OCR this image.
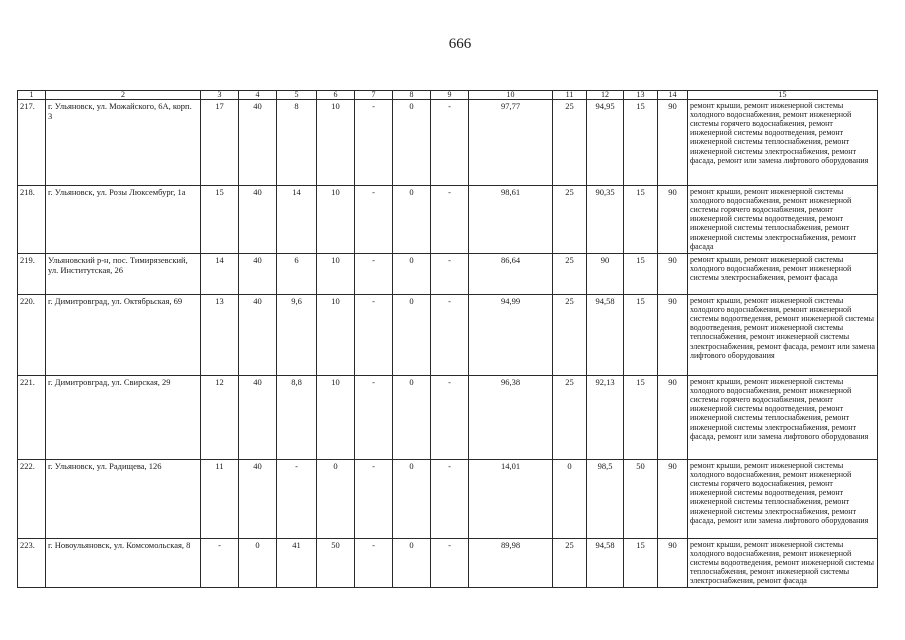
666
1	2	3	4	5	6	7	8	9	10	11	12	13	14	15
217.	г. Ульяновск, ул. Можайского, 6А, корп. 3	17	40	8	10	-	0	-	97,77	25	94,95	15	90	ремонт крыши, ремонт инженерной системы холодного водоснабжения, ремонт инженерной системы горячего водоснабжения, ремонт инженерной системы водоотведения, ремонт инженерной системы теплоснабжения, ремонт инженерной системы электроснабжения, ремонт фасада, ремонт или замена лифтового оборудования
218.	г. Ульяновск, ул. Розы Люксембург, 1а	15	40	14	10	-	0	-	98,61	25	90,35	15	90	ремонт крыши, ремонт инженерной системы холодного водоснабжения, ремонт инженерной системы горячего водоснабжения, ремонт инженерной системы водоотведения, ремонт инженерной системы теплоснабжения, ремонт инженерной системы электроснабжения, ремонт фасада
219.	Ульяновский р-н, пос. Тимирязевский, ул. Институтская, 26	14	40	6	10	-	0	-	86,64	25	90	15	90	ремонт крыши, ремонт инженерной системы холодного водоснабжения, ремонт инженерной системы электроснабжения, ремонт фасада
220.	г. Димитровград, ул. Октябрьская, 69	13	40	9,6	10	-	0	-	94,99	25	94,58	15	90	ремонт крыши, ремонт инженерной системы холодного водоснабжения, ремонт инженерной системы водоотведения, ремонт инженерной системы водоотведения, ремонт инженерной системы теплоснабжения, ремонт инженерной системы электроснабжения, ремонт фасада, ремонт или замена лифтового оборудования
221.	г. Димитровград, ул. Свирская, 29	12	40	8,8	10	-	0	-	96,38	25	92,13	15	90	ремонт крыши, ремонт инженерной системы холодного водоснабжения, ремонт инженерной системы горячего водоснабжения, ремонт инженерной системы водоотведения, ремонт инженерной системы теплоснабжения, ремонт инженерной системы электроснабжения, ремонт фасада, ремонт или замена лифтового оборудования
222.	г. Ульяновск, ул. Радищева, 126	11	40	-	0	-	0	-	14,01	0	98,5	50	90	ремонт крыши, ремонт инженерной системы холодного водоснабжения, ремонт инженерной системы горячего водоснабжения, ремонт инженерной системы водоотведения, ремонт инженерной системы теплоснабжения, ремонт инженерной системы электроснабжения, ремонт фасада, ремонт или замена лифтового оборудования
223.	г. Новоульяновск, ул. Комсомольская, 8	-	0	41	50	-	0	-	89,98	25	94,58	15	90	ремонт крыши, ремонт инженерной системы холодного водоснабжения, ремонт инженерной системы водоотведения, ремонт инженерной системы теплоснабжения, ремонт инженерной системы электроснабжения, ремонт фасада
